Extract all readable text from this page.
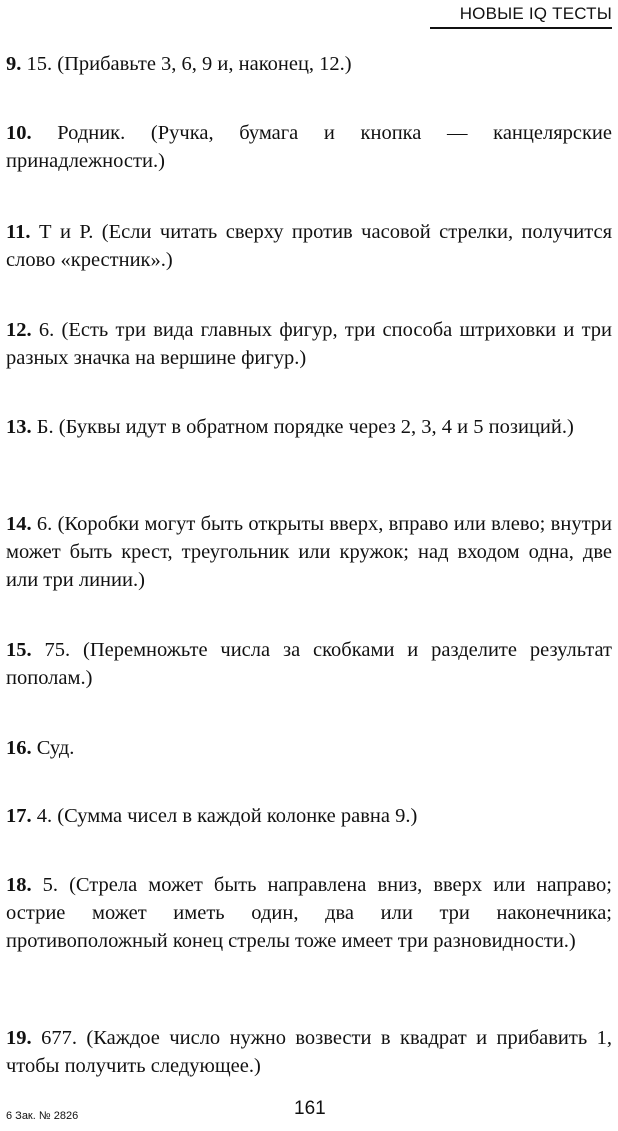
НОВЫЕ IQ ТЕСТЫ
9. 15. (Прибавьте 3, 6, 9 и, наконец, 12.)
10. Родник. (Ручка, бумага и кнопка — канцелярские принадлежности.)
11. Т и Р. (Если читать сверху против часовой стрелки, получится слово «крестник».)
12. 6. (Есть три вида главных фигур, три способа штриховки и три разных значка на вершине фигур.)
13. Б. (Буквы идут в обратном порядке через 2, 3, 4 и 5 позиций.)
14. 6. (Коробки могут быть открыты вверх, вправо или влево; внутри может быть крест, треугольник или кружок; над входом одна, две или три линии.)
15. 75. (Перемножьте числа за скобками и разделите результат пополам.)
16. Суд.
17. 4. (Сумма чисел в каждой колонке равна 9.)
18. 5. (Стрела может быть направлена вниз, вверх или направо; острие может иметь один, два или три наконечника; противоположный конец стрелы тоже имеет три разновидности.)
19. 677. (Каждое число нужно возвести в квадрат и прибавить 1, чтобы получить следующее.)
6 Зак. № 2826	161
